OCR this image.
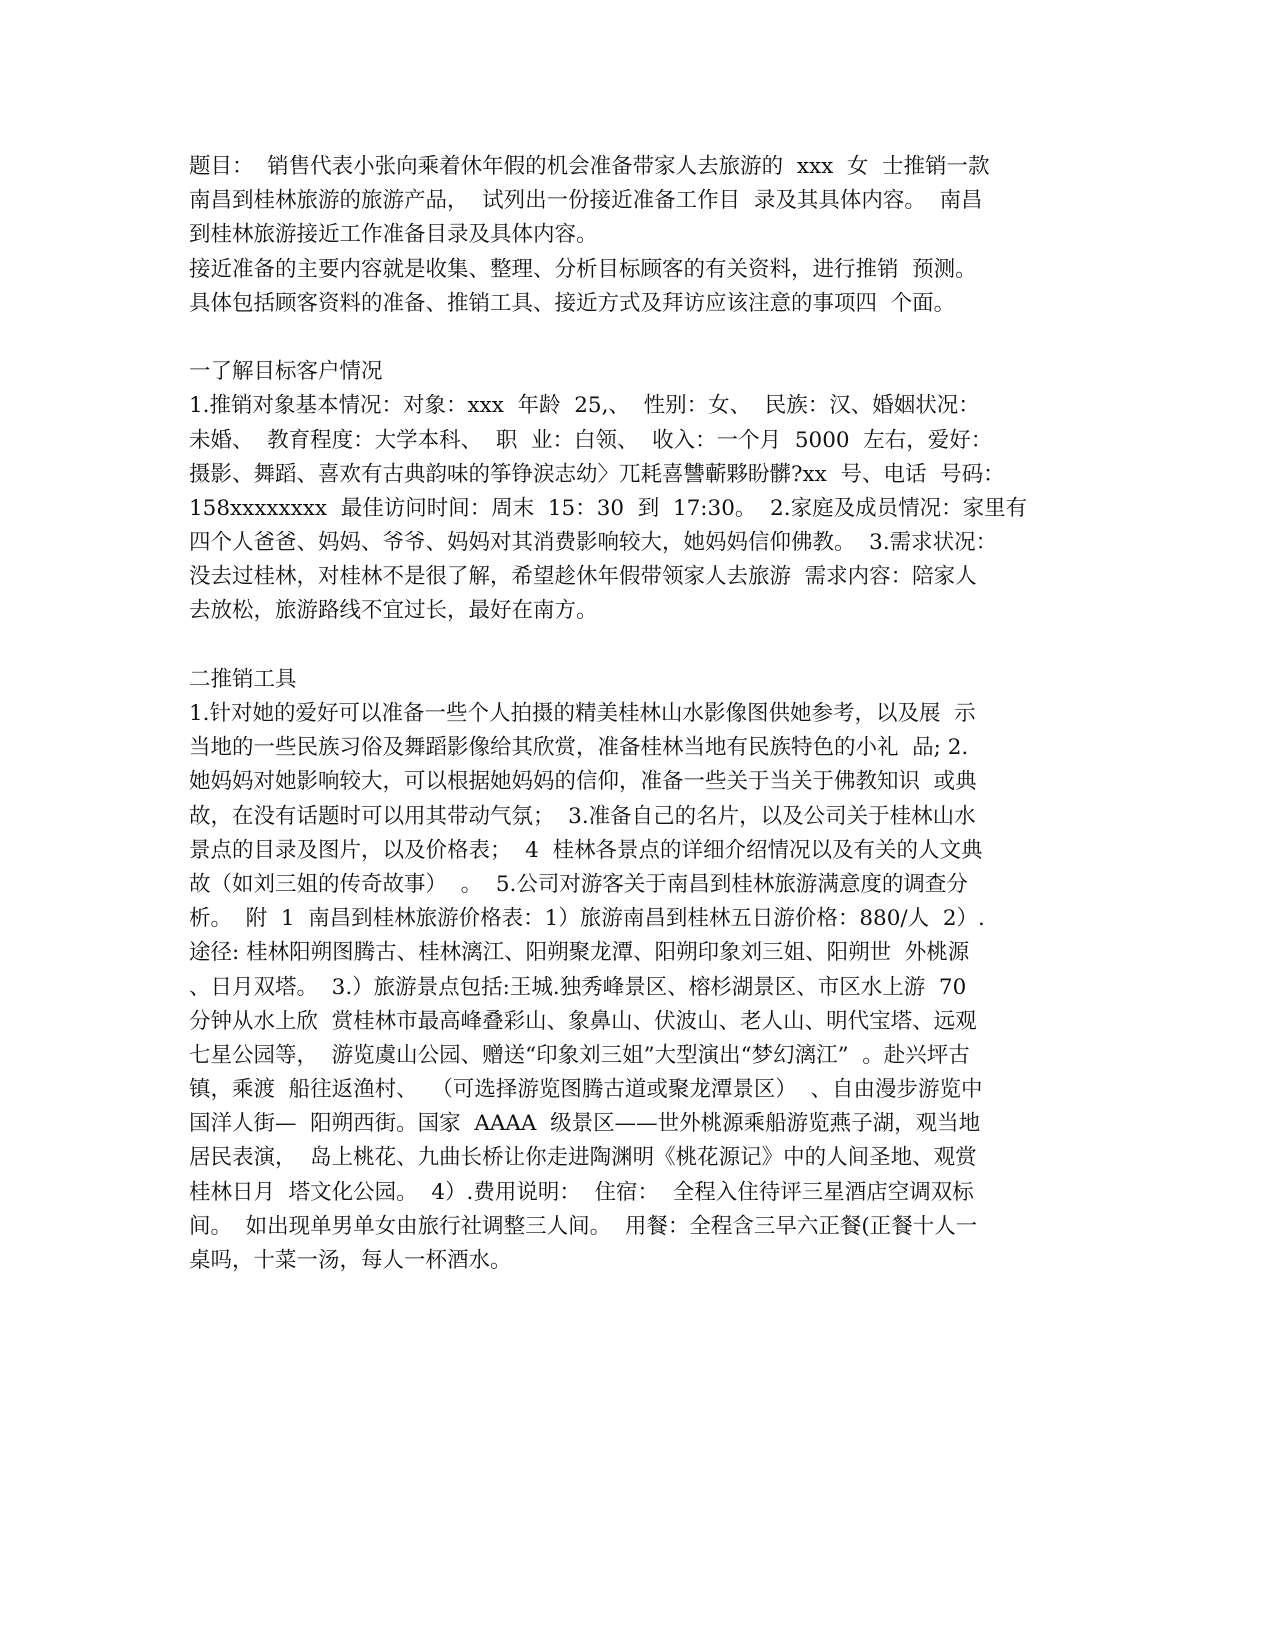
题目：  销售代表小张向乘着休年假的机会准备带家人去旅游的  xxx  女  士推销一款
南昌到桂林旅游的旅游产品，  试列出一份接近准备工作目  录及其具体内容。  南昌
到桂林旅游接近工作准备目录及具体内容。
接近准备的主要内容就是收集、整理、分析目标顾客的有关资料，进行推销  预测。
具体包括顾客资料的准备、推销工具、接近方式及拜访应该注意的事项四  个面。
一了解目标客户情况
1.推销对象基本情况：对象：xxx  年龄  25,、  性别：女、  民族：汉、婚姻状况：
未婚、  教育程度：大学本科、  职  业：白领、  收入：一个月  5000  左右，爱好：
摄影、舞蹈、喜欢有古典韵味的筝铮涙志幼〉兀耗喜讐蘄夥盼髒?xx  号、电话  号码：
158xxxxxxxx  最佳访问时间：周末  15：30  到  17:30。  2.家庭及成员情况：家里有
四个人爸爸、妈妈、爷爷、妈妈对其消费影响较大，她妈妈信仰佛教。  3.需求状况：
没去过桂林，对桂林不是很了解，希望趁休年假带领家人去旅游  需求内容：陪家人
去放松，旅游路线不宜过长，最好在南方。
二推销工具
1.针对她的爱好可以准备一些个人拍摄的精美桂林山水影像图供她参考，以及展  示
当地的一些民族习俗及舞蹈影像给其欣赏，准备桂林当地有民族特色的小礼  品; 2.
她妈妈对她影响较大，可以根据她妈妈的信仰，准备一些关于当关于佛教知识  或典
故，在没有话题时可以用其带动气氛；  3.准备自己的名片，以及公司关于桂林山水
景点的目录及图片，以及价格表；  4  桂林各景点的详细介绍情况以及有关的人文典
故（如刘三姐的传奇故事）  。  5.公司对游客关于南昌到桂林旅游满意度的调查分
析。  附  1  南昌到桂林旅游价格表：1）旅游南昌到桂林五日游价格：880/人  2）.
途径: 桂林阳朔图腾古、桂林漓江、阳朔聚龙潭、阳朔印象刘三姐、阳朔世  外桃源
、日月双塔。  3.）旅游景点包括:王城.独秀峰景区、榕杉湖景区、市区水上游  70
分钟从水上欣  赏桂林市最高峰叠彩山、象鼻山、伏波山、老人山、明代宝塔、远观
七星公园等，  游览虞山公园、赠送“印象刘三姐”大型演出“梦幻漓江”  。赴兴坪古
镇，乘渡  船往返渔村、  （可选择游览图腾古道或聚龙潭景区）  、自由漫步游览中
国洋人街—  阳朔西街。国家  AAAA  级景区——世外桃源乘船游览燕子湖，观当地
居民表演，  岛上桃花、九曲长桥让你走进陶渊明《桃花源记》中的人间圣地、观赏
桂林日月  塔文化公园。  4）.费用说明：  住宿：  全程入住待评三星酒店空调双标
间。  如出现单男单女由旅行社调整三人间。  用餐：全程含三早六正餐(正餐十人一
桌吗，十菜一汤，每人一杯酒水。
